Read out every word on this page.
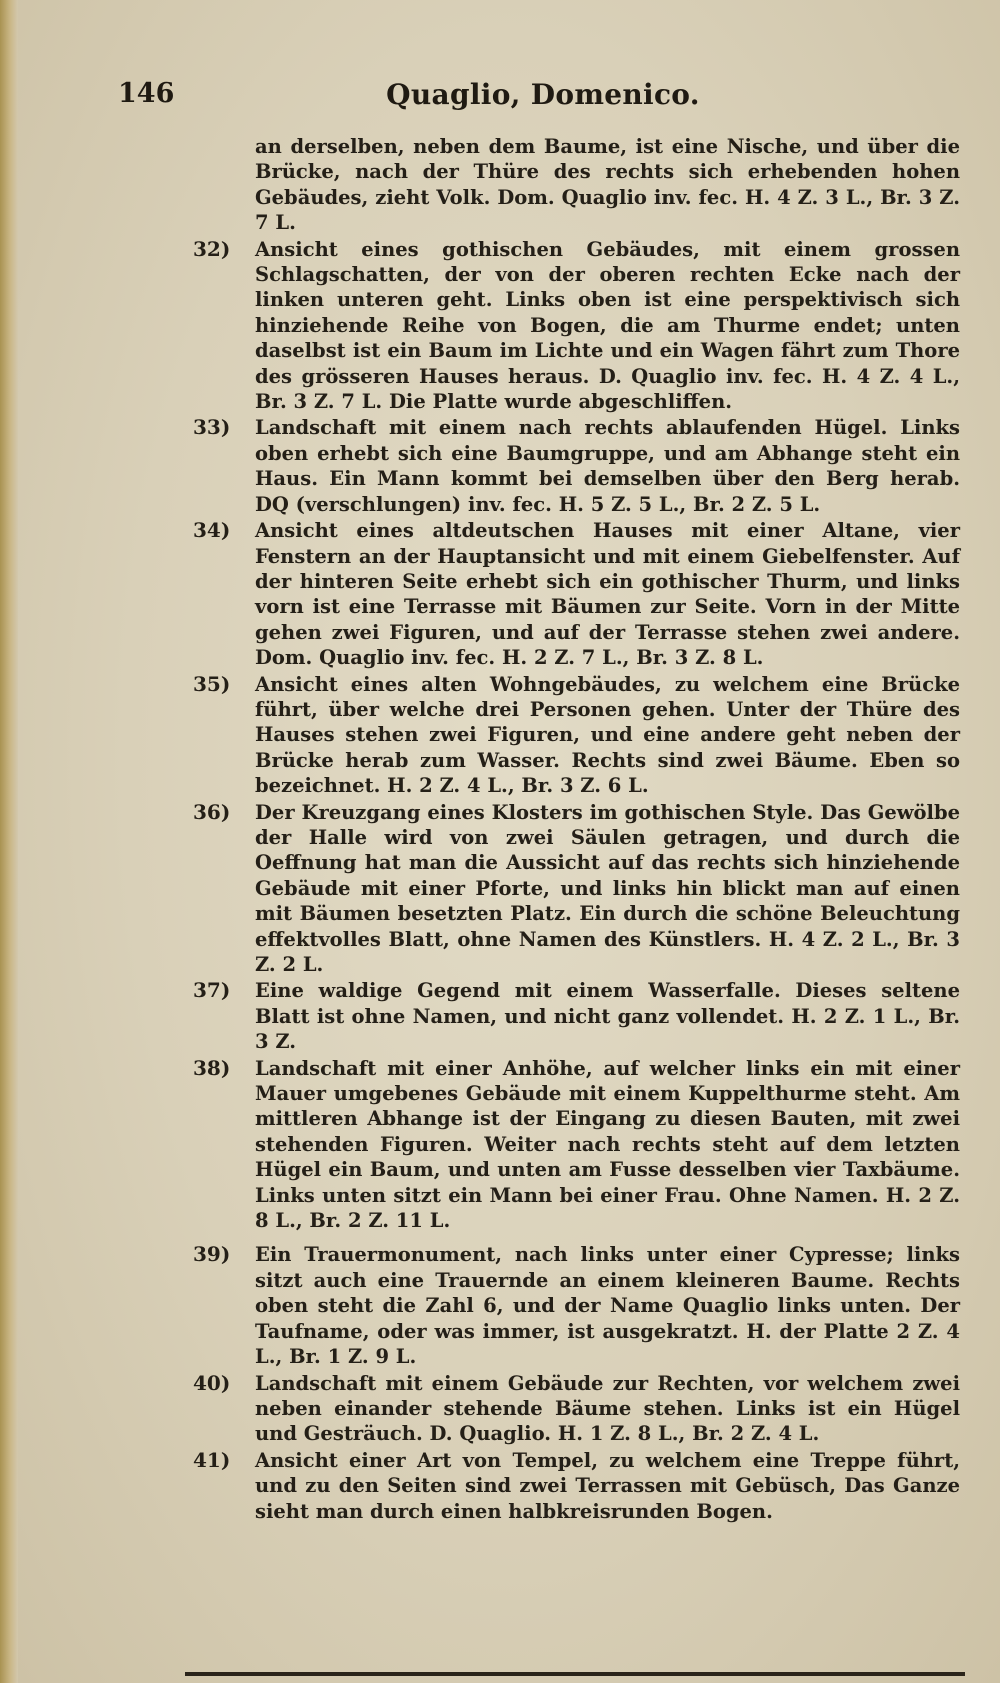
146	Quaglio, Domenico.
an derselben, neben dem Baume, ist eine Nische, und über die Brücke, nach der Thüre des rechts sich erhebenden hohen Gebäudes, zieht Volk. Dom. Quaglio inv. fec. H. 4 Z. 3 L., Br. 3 Z. 7 L.
32)	Ansicht eines gothischen Gebäudes, mit einem grossen Schlagschatten, der von der oberen rechten Ecke nach der linken unteren geht. Links oben ist eine perspektivisch sich hinziehende Reihe von Bogen, die am Thurme endet; unten daselbst ist ein Baum im Lichte und ein Wagen fährt zum Thore des grösseren Hauses heraus. D. Quaglio inv. fec. H. 4 Z. 4 L., Br. 3 Z. 7 L. Die Platte wurde abgeschliffen.
33)	Landschaft mit einem nach rechts ablaufenden Hügel. Links oben erhebt sich eine Baumgruppe, und am Abhange steht ein Haus. Ein Mann kommt bei demselben über den Berg herab. DQ (verschlungen) inv. fec. H. 5 Z. 5 L., Br. 2 Z. 5 L.
34)	Ansicht eines altdeutschen Hauses mit einer Altane, vier Fenstern an der Hauptansicht und mit einem Giebelfenster. Auf der hinteren Seite erhebt sich ein gothischer Thurm, und links vorn ist eine Terrasse mit Bäumen zur Seite. Vorn in der Mitte gehen zwei Figuren, und auf der Terrasse stehen zwei andere. Dom. Quaglio inv. fec. H. 2 Z. 7 L., Br. 3 Z. 8 L.
35)	Ansicht eines alten Wohngebäudes, zu welchem eine Brücke führt, über welche drei Personen gehen. Unter der Thüre des Hauses stehen zwei Figuren, und eine andere geht neben der Brücke herab zum Wasser. Rechts sind zwei Bäume. Eben so bezeichnet. H. 2 Z. 4 L., Br. 3 Z. 6 L.
36)	Der Kreuzgang eines Klosters im gothischen Style. Das Gewölbe der Halle wird von zwei Säulen getragen, und durch die Oeffnung hat man die Aussicht auf das rechts sich hinziehende Gebäude mit einer Pforte, und links hin blickt man auf einen mit Bäumen besetzten Platz. Ein durch die schöne Beleuchtung effektvolles Blatt, ohne Namen des Künstlers. H. 4 Z. 2 L., Br. 3 Z. 2 L.
37)	Eine waldige Gegend mit einem Wasserfalle. Dieses seltene Blatt ist ohne Namen, und nicht ganz vollendet. H. 2 Z. 1 L., Br. 3 Z.
38)	Landschaft mit einer Anhöhe, auf welcher links ein mit einer Mauer umgebenes Gebäude mit einem Kuppelthurme steht. Am mittleren Abhange ist der Eingang zu diesen Bauten, mit zwei stehenden Figuren. Weiter nach rechts steht auf dem letzten Hügel ein Baum, und unten am Fusse desselben vier Taxbäume. Links unten sitzt ein Mann bei einer Frau. Ohne Namen. H. 2 Z. 8 L., Br. 2 Z. 11 L.
39)	Ein Trauermonument, nach links unter einer Cypresse; links sitzt auch eine Trauernde an einem kleineren Baume. Rechts oben steht die Zahl 6, und der Name Quaglio links unten. Der Taufname, oder was immer, ist ausgekratzt. H. der Platte 2 Z. 4 L., Br. 1 Z. 9 L.
40)	Landschaft mit einem Gebäude zur Rechten, vor welchem zwei neben einander stehende Bäume stehen. Links ist ein Hügel und Gesträuch. D. Quaglio. H. 1 Z. 8 L., Br. 2 Z. 4 L.
41)	Ansicht einer Art von Tempel, zu welchem eine Treppe führt, und zu den Seiten sind zwei Terrassen mit Gebüsch, Das Ganze sieht man durch einen halbkreisrunden Bogen.
